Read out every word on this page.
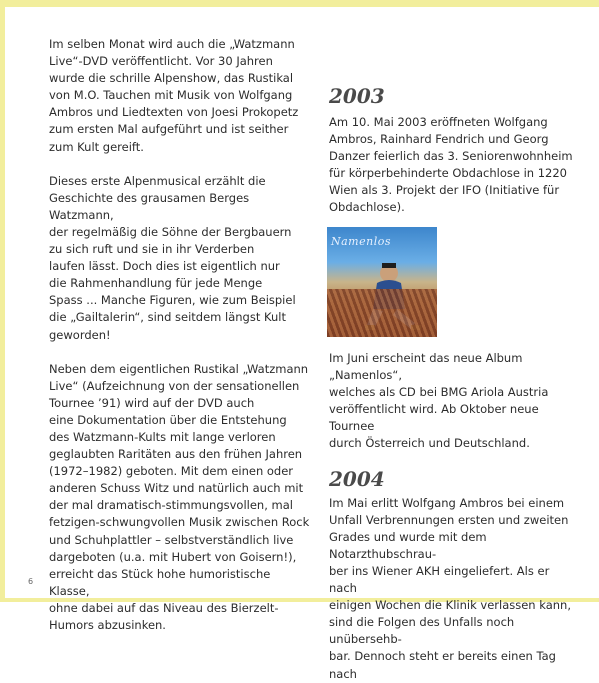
Im selben Monat wird auch die „Watzmann
Live“-DVD veröffentlicht. Vor 30 Jahren
wurde die schrille Alpenshow, das Rustikal
von M.O. Tauchen mit Musik von Wolfgang
Ambros und Liedtexten von Joesi Prokopetz
zum ersten Mal aufgeführt und ist seither
zum Kult gereift.

Dieses erste Alpenmusical erzählt die
Geschichte des grausamen Berges Watzmann,
der regelmäßig die Söhne der Bergbauern
zu sich ruft und sie in ihr Verderben
laufen lässt. Doch dies ist eigentlich nur
die Rahmenhandlung für jede Menge
Spass ... Manche Figuren, wie zum Beispiel
die „Gailtalerin“, sind seitdem längst Kult
geworden!

Neben dem eigentlichen Rustikal „Watzmann
Live“ (Aufzeichnung von der sensationellen
Tournee ’91) wird auf der DVD auch
eine Dokumentation über die Entstehung
des Watzmann-Kults mit lange verloren
geglaubten Raritäten aus den frühen Jahren
(1972–1982) geboten. Mit dem einen oder
anderen Schuss Witz und natürlich auch mit
der mal dramatisch-stimmungsvollen, mal
fetzigen-schwungvollen Musik zwischen Rock
und Schuhplattler – selbstverständlich live
dargeboten (u.a. mit Hubert von Goisern!),
erreicht das Stück hohe humoristische Klasse,
ohne dabei auf das Niveau des Bierzelt-
Humors abzusinken.

2003

Am 10. Mai 2003 eröffneten Wolfgang
Ambros, Rainhard Fendrich und Georg
Danzer feierlich das 3. Seniorenwohnheim
für körperbehinderte Obdachlose in 1220
Wien als 3. Projekt der IFO (Initiative für
Obdachlose).

Namenlos

Im Juni erscheint das neue Album „Namenlos“,
welches als CD bei BMG Ariola Austria
veröffentlicht wird. Ab Oktober neue Tournee
durch Österreich und Deutschland.

2004

Im Mai erlitt Wolfgang Ambros bei einem
Unfall Verbrennungen ersten und zweiten
Grades und wurde mit dem Notarzthubschrau-
ber ins Wiener AKH eingeliefert. Als er nach
einigen Wochen die Klinik verlassen kann,
sind die Folgen des Unfalls noch unübersehb-
bar. Dennoch steht er bereits einen Tag nach

6
